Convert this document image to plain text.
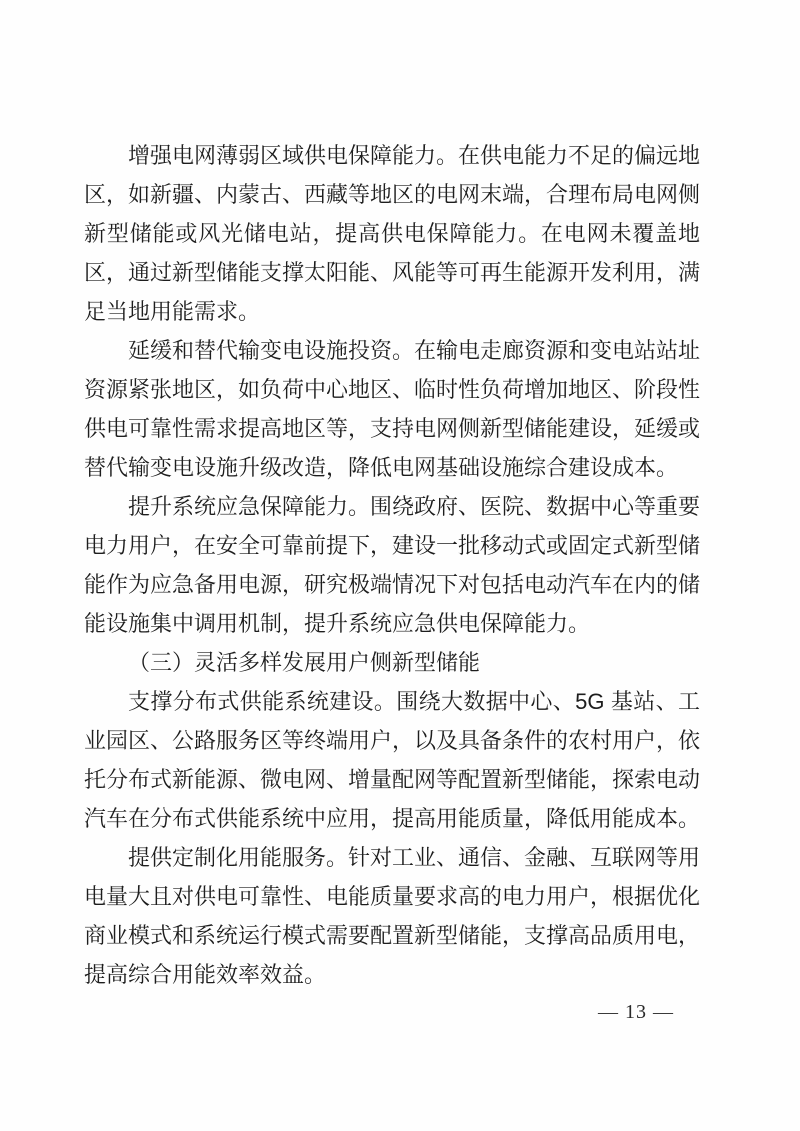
增强电网薄弱区域供电保障能力。在供电能力不足的偏远地区，如新疆、内蒙古、西藏等地区的电网末端，合理布局电网侧新型储能或风光储电站，提高供电保障能力。在电网未覆盖地区，通过新型储能支撑太阳能、风能等可再生能源开发利用，满足当地用能需求。

延缓和替代输变电设施投资。在输电走廊资源和变电站站址资源紧张地区，如负荷中心地区、临时性负荷增加地区、阶段性供电可靠性需求提高地区等，支持电网侧新型储能建设，延缓或替代输变电设施升级改造，降低电网基础设施综合建设成本。

提升系统应急保障能力。围绕政府、医院、数据中心等重要电力用户，在安全可靠前提下，建设一批移动式或固定式新型储能作为应急备用电源，研究极端情况下对包括电动汽车在内的储能设施集中调用机制，提升系统应急供电保障能力。

（三）灵活多样发展用户侧新型储能

支撑分布式供能系统建设。围绕大数据中心、5G 基站、工业园区、公路服务区等终端用户，以及具备条件的农村用户，依托分布式新能源、微电网、增量配网等配置新型储能，探索电动汽车在分布式供能系统中应用，提高用能质量，降低用能成本。

提供定制化用能服务。针对工业、通信、金融、互联网等用电量大且对供电可靠性、电能质量要求高的电力用户，根据优化商业模式和系统运行模式需要配置新型储能，支撑高品质用电，提高综合用能效率效益。

— 13 —
